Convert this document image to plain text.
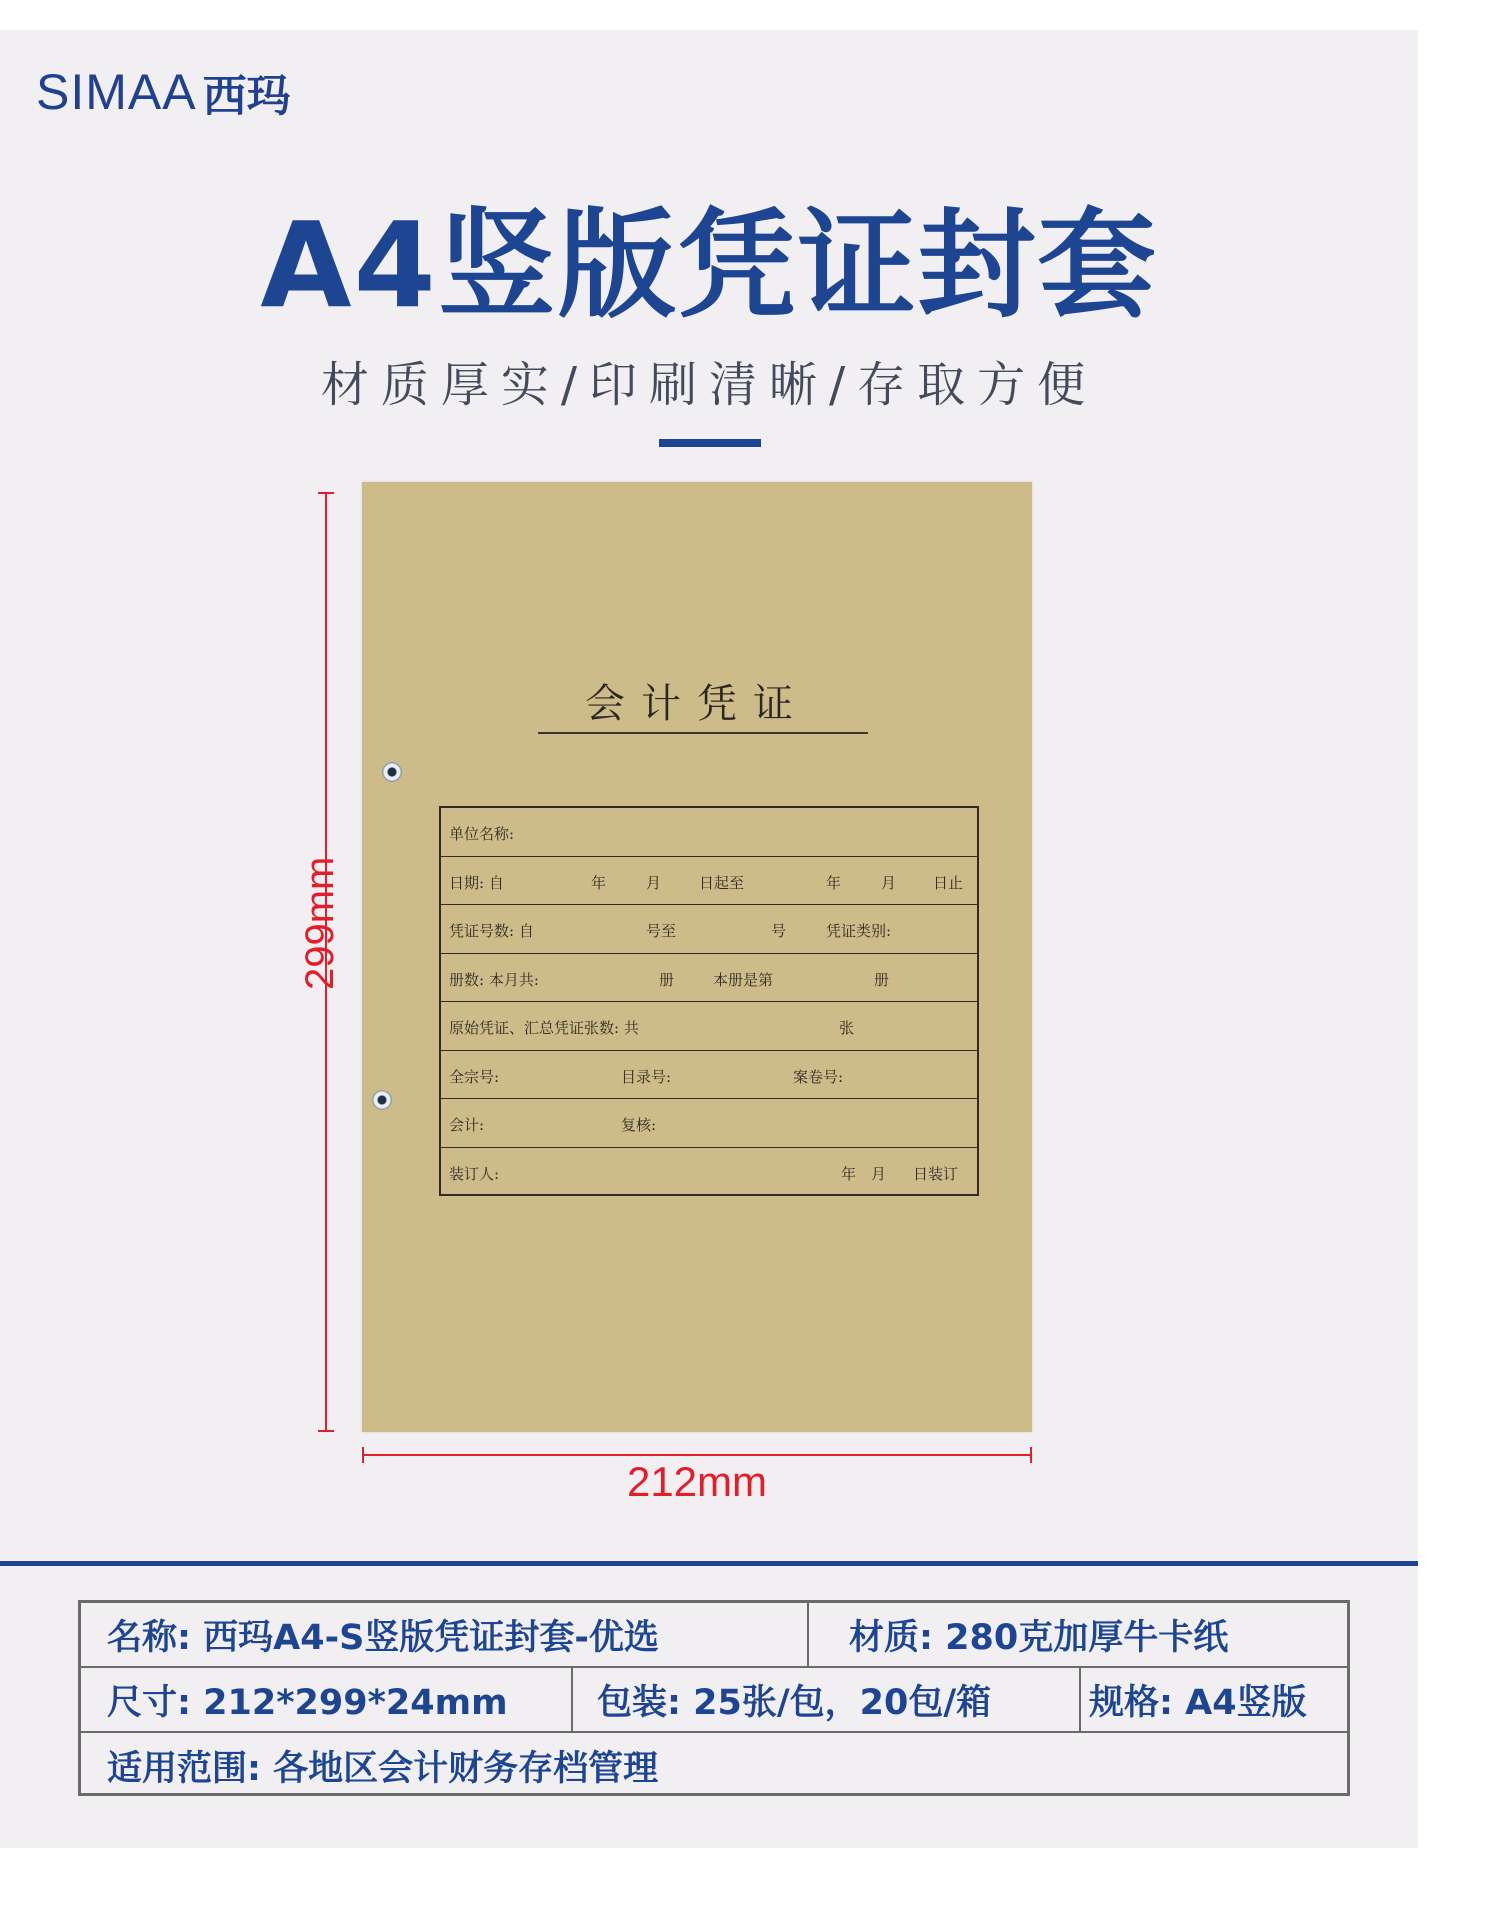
SIMAA 西玛
A4竖版凭证封套
材质厚实/印刷清晰/存取方便
会计凭证
单位名称:
日期: 自	年	月	日起至	年	月 日止
凭证号数: 自	号至	号	凭证类别:
册数: 本月共:	册	本册是第	册
原始凭证、汇总凭证张数: 共	张
全宗号:	目录号:	案卷号:
会计:	复核:
装订人:	年 月 日装订
212mm
名称: 西玛A4-S竖版凭证封套-优选	材质: 280克加厚牛卡纸
尺寸: 212*299*24mm	包装: 25张/包，20包/箱	规格: A4竖版
适用范围: 各地区会计财务存档管理
